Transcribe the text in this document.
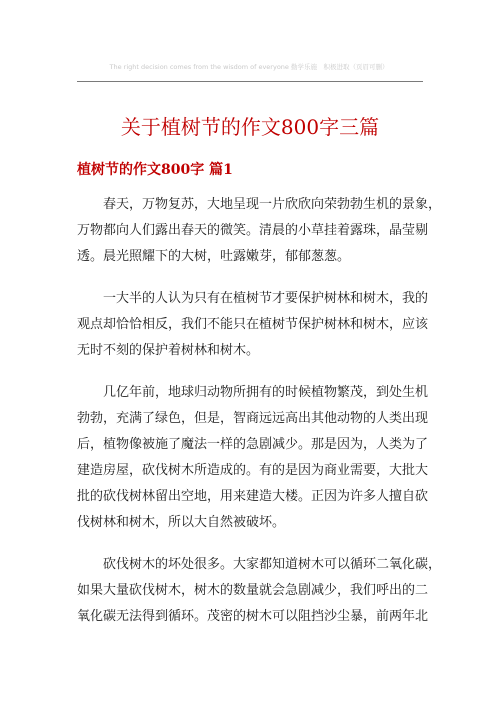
The right decision comes from the wisdom of everyone 勤学乐施　积极进取（页眉可删）
关于植树节的作文800字三篇
植树节的作文800字 篇1

春天，万物复苏，大地呈现一片欣欣向荣勃勃生机的景象，
万物都向人们露出春天的微笑。清晨的小草挂着露珠，晶莹剔
透。晨光照耀下的大树，吐露嫩芽，郁郁葱葱。

一大半的人认为只有在植树节才要保护树林和树木，我的
观点却恰恰相反，我们不能只在植树节保护树林和树木，应该
无时不刻的保护着树林和树木。

几亿年前，地球归动物所拥有的时候植物繁茂，到处生机
勃勃，充满了绿色，但是，智商远远高出其他动物的人类出现
后，植物像被施了魔法一样的急剧减少。那是因为，人类为了
建造房屋，砍伐树木所造成的。有的是因为商业需要，大批大
批的砍伐树林留出空地，用来建造大楼。正因为许多人擅自砍
伐树林和树木，所以大自然被破坏。

砍伐树木的坏处很多。大家都知道树木可以循环二氧化碳，
如果大量砍伐树木，树木的数量就会急剧减少，我们呼出的二
氧化碳无法得到循环。茂密的树木可以阻挡沙尘暴，前两年北
